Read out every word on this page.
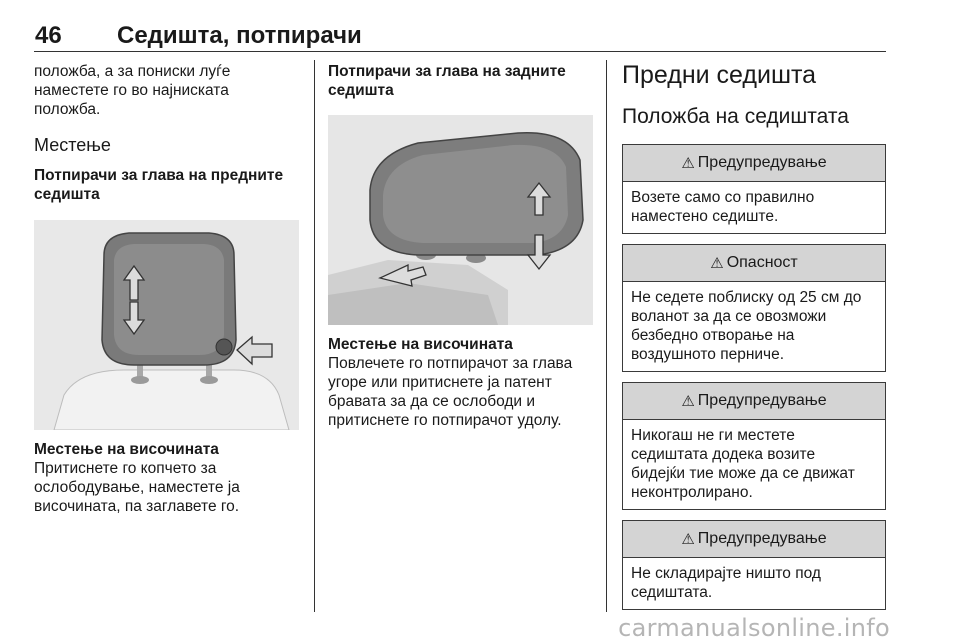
46 Седишта, потпирачи

положба, а за пониски луѓе

наместете го во најниската

положба.

Местење
Потпирачи за глава на предните
седишта
Местење на височината

Притиснете го копчето за

ослободување, наместете ја

височината, па заглавете го.

Потпирачи за глава на задните
седишта
Местење на височината

Повлечете го потпирачот за глава

угоре или притиснете ја патент

бравата за да се ослободи и

притиснете го потпирачот удолу.

Предни седишта
Положба на седиштата
⚠ Предупредување
Возете само со правилно
наместено седиште.
⚠ Опасност
Не седете поблиску од 25 см до
воланот за да се овозможи
безбедно отворање на
воздушното перниче.
⚠ Предупредување
Никогаш не ги местете
седиштата додека возите
бидејќи тие може да се движат
неконтролирано.
⚠ Предупредување
Не складирајте ништо под
седиштата.
carmanualsonline.info
